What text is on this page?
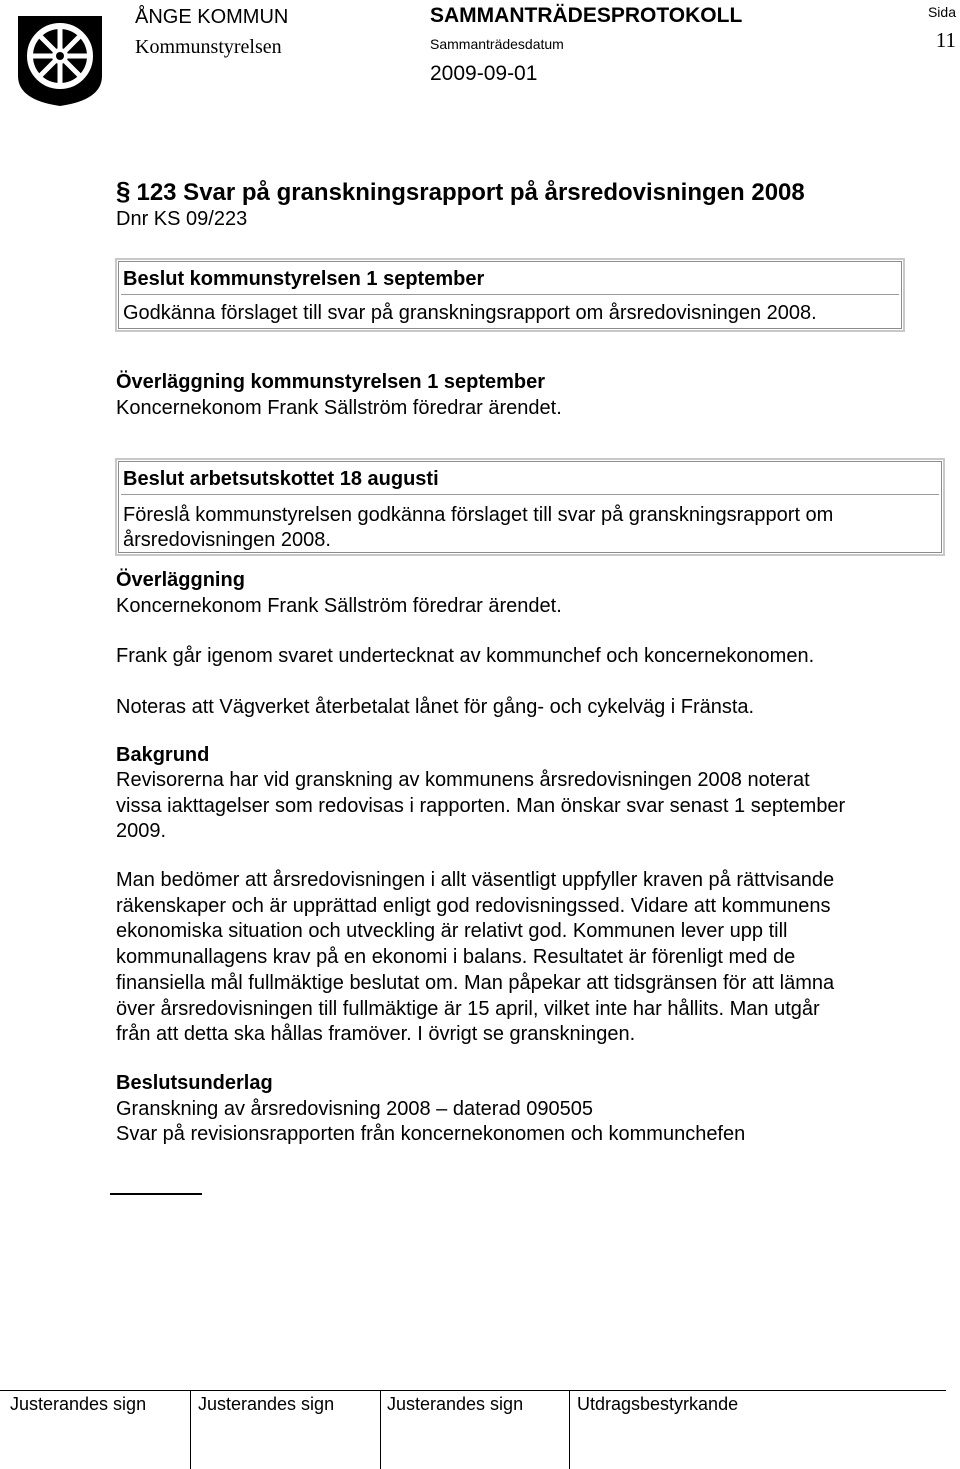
ÅNGE KOMMUN
Kommunstyrelsen
SAMMANTRÄDESPROTOKOLL
Sammanträdesdatum
2009-09-01
Sida
11
§ 123 Svar på granskningsrapport på årsredovisningen 2008
Dnr KS 09/223
Beslut kommunstyrelsen 1 september
Godkänna förslaget till svar på granskningsrapport om årsredovisningen 2008.
Överläggning kommunstyrelsen 1 september
Koncernekonom Frank Sällström föredrar ärendet.
Beslut arbetsutskottet 18 augusti
Föreslå kommunstyrelsen godkänna förslaget till svar på granskningsrapport om
årsredovisningen 2008.
Överläggning
Koncernekonom Frank Sällström föredrar ärendet.
Frank går igenom svaret undertecknat av kommunchef och koncernekonomen.
Noteras att Vägverket återbetalat lånet för gång- och cykelväg i Fränsta.
Bakgrund
Revisorerna har vid granskning av kommunens årsredovisningen 2008 noterat
vissa iakttagelser som redovisas i rapporten. Man önskar svar senast 1 september
2009.
Man bedömer att årsredovisningen i allt väsentligt uppfyller kraven på rättvisande
räkenskaper och är upprättad enligt god redovisningssed. Vidare att kommunens
ekonomiska situation och utveckling är relativt god. Kommunen lever upp till
kommunallagens krav på en ekonomi i balans. Resultatet är förenligt med de
finansiella mål fullmäktige beslutat om. Man påpekar att tidsgränsen för att lämna
över årsredovisningen till fullmäktige är 15 april, vilket inte har hållits. Man utgår
från att detta ska hållas framöver. I övrigt se granskningen.
Beslutsunderlag
Granskning av årsredovisning 2008 – daterad 090505
Svar på revisionsrapporten från koncernekonomen och kommunchefen
Justerandes sign	Justerandes sign	Justerandes sign	Utdragsbestyrkande
